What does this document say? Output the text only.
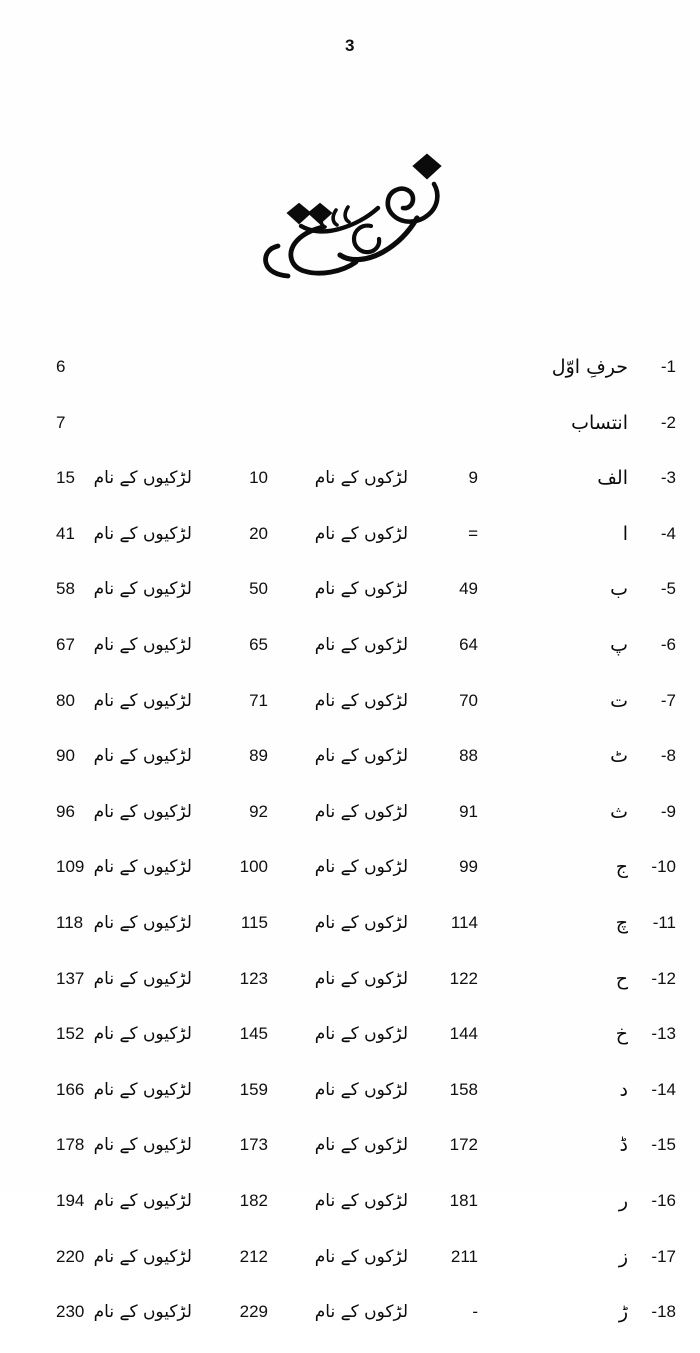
3
-1
حرفِ اوّل
6
-2
انتساب
7
-3
الف
9
لڑکوں کے نام
10
لڑکیوں کے نام
15
-4
ا
=
لڑکوں کے نام
20
لڑکیوں کے نام
41
-5
ب
49
لڑکوں کے نام
50
لڑکیوں کے نام
58
-6
پ
64
لڑکوں کے نام
65
لڑکیوں کے نام
67
-7
ت
70
لڑکوں کے نام
71
لڑکیوں کے نام
80
-8
ٹ
88
لڑکوں کے نام
89
لڑکیوں کے نام
90
-9
ث
91
لڑکوں کے نام
92
لڑکیوں کے نام
96
-10
ج
99
لڑکوں کے نام
100
لڑکیوں کے نام
109
-11
چ
114
لڑکوں کے نام
115
لڑکیوں کے نام
118
-12
ح
122
لڑکوں کے نام
123
لڑکیوں کے نام
137
-13
خ
144
لڑکوں کے نام
145
لڑکیوں کے نام
152
-14
د
158
لڑکوں کے نام
159
لڑکیوں کے نام
166
-15
ڈ
172
لڑکوں کے نام
173
لڑکیوں کے نام
178
-16
ر
181
لڑکوں کے نام
182
لڑکیوں کے نام
194
-17
ز
211
لڑکوں کے نام
212
لڑکیوں کے نام
220
-18
ڑ
-
لڑکوں کے نام
229
لڑکیوں کے نام
230
